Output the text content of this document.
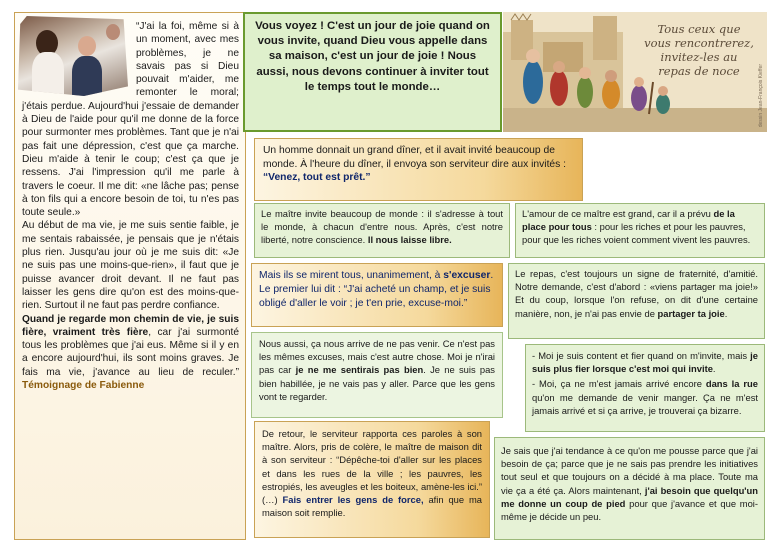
“J'ai la foi, même si à un moment, avec mes problèmes, je ne savais pas si Dieu pouvait m'aider, me remonter le moral; j'étais perdue. Aujourd'hui j'essaie de demander à Dieu de l'aide pour qu'il me donne de la force pour surmonter mes problèmes. Tant que je n'ai pas fait une dépression, c'est que ça marche. Dieu m'aide à tenir le coup; c'est ça que je ressens. J'ai l'impression qu'il me parle à travers le coeur. Il me dit: «ne lâche pas; pense à ton fils qui a encore besoin de toi, tu n'es pas toute seule.»

Au début de ma vie, je me suis sentie faible, je me sentais rabaissée, je pensais que je n'étais plus rien. Jusqu'au jour où je me suis dit: «Je ne suis pas une moins-que-rien», il faut que je puisse avancer droit devant. Il ne faut pas laisser les gens dire qu'on est des moins-que-rien. Surtout il ne faut pas perdre confiance.

Quand je regarde mon chemin de vie, je suis fière, vraiment très fière, car j'ai surmonté tous les problèmes que j'ai eus. Même si il y en a encore aujourd'hui, ils sont moins graves. Je fais ma vie, j'avance au lieu de reculer.” Témoignage de Fabienne

Vous voyez ! C'est un jour de joie quand on vous invite, quand Dieu vous appelle dans sa maison, c'est un jour de joie ! Nous aussi, nous devons continuer à inviter tout le temps tout le monde…
Tous ceux que vous rencontrerez, invitez-les au repas de noce	dessin Jean-François Kieffer
Un homme donnait un grand dîner, et il avait invité beaucoup de monde. À l'heure du dîner, il envoya son serviteur dire aux invités : “Venez, tout est prêt.”
Le maître invite beaucoup de monde : il s'adresse à tout le monde, à chacun d'entre nous. Après, c'est notre liberté, notre conscience. Il nous laisse libre.
L'amour de ce maître est grand, car il a prévu de la place pour tous : pour les riches et pour les pauvres, pour que les riches voient comment vivent les pauvres.
Mais ils se mirent tous, unanimement, à s'excuser. Le premier lui dit : “J'ai acheté un champ, et je suis obligé d'aller le voir ; je t'en prie, excuse-moi.”
Le repas, c'est toujours un signe de fraternité, d'amitié. Notre demande, c'est d'abord : «viens partager ma joie!» Et du coup, lorsque l'on refuse, on dit d'une certaine manière, non, je n'ai pas envie de partager ta joie.
Nous aussi, ça nous arrive de ne pas venir. Ce n'est pas les mêmes excuses, mais c'est autre chose. Moi je n'irai pas car je ne me sentirais pas bien. Je ne suis pas bien habillée, je ne vais pas y aller. Parce que les gens vont te regarder.

- Moi je suis content et fier quand on m'invite, mais je suis plus fier lorsque c'est moi qui invite.

- Moi, ça ne m'est jamais arrivé encore dans la rue qu'on me demande de venir manger. Ça ne m'est jamais arrivé et si ça arrive, je trouverai ça bizarre.

De retour, le serviteur rapporta ces paroles à son maître. Alors, pris de colère, le maître de maison dit à son serviteur : “Dépêche-toi d'aller sur les places et dans les rues de la ville ; les pauvres, les estropiés, les aveugles et les boiteux, amène-les ici.” (…) Fais entrer les gens de force, afin que ma maison soit remplie.
Je sais que j'ai tendance à ce qu'on me pousse parce que j'ai besoin de ça; parce que je ne sais pas prendre les initiatives tout seul et que toujours on a décidé à ma place. Toute ma vie ça a été ça. Alors maintenant, j'ai besoin que quelqu'un me donne un coup de pied pour que j'avance et que moi-même je décide un peu.
